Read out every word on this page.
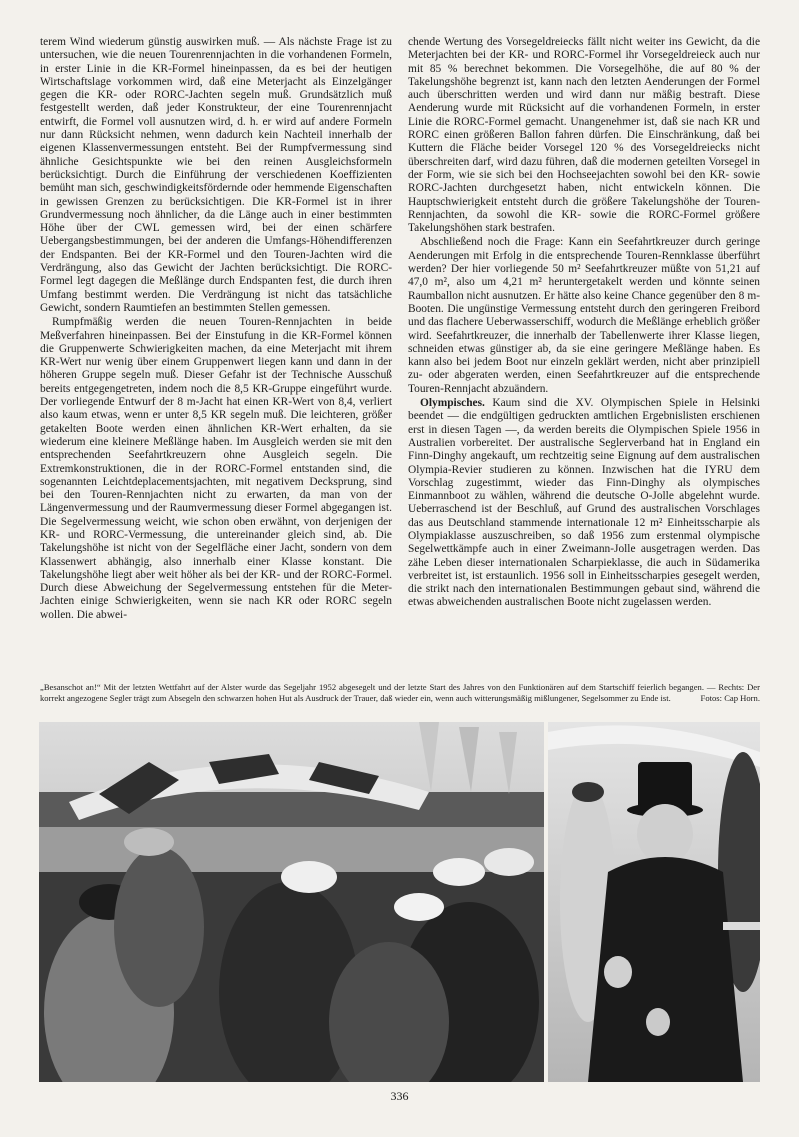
terem Wind wiederum günstig auswirken muß. — Als nächste Frage ist zu untersuchen, wie die neuen Tourenrennjachten in die vorhandenen Formeln, in erster Linie in die KR-Formel hineinpassen, da es bei der heutigen Wirtschaftslage vorkommen wird, daß eine Meterjacht als Einzelgänger gegen die KR- oder RORC-Jachten segeln muß. Grundsätzlich muß festgestellt werden, daß jeder Konstrukteur, der eine Tourenrennjacht entwirft, die Formel voll ausnutzen wird, d. h. er wird auf andere Formeln nur dann Rücksicht nehmen, wenn dadurch kein Nachteil innerhalb der eigenen Klassenvermessungen entsteht. Bei der Rumpfvermessung sind ähnliche Gesichtspunkte wie bei den reinen Ausgleichsformeln berücksichtigt. Durch die Einführung der verschiedenen Koeffizienten bemüht man sich, geschwindigkeitsfördernde oder hemmende Eigenschaften in gewissen Grenzen zu berücksichtigen. Die KR-Formel ist in ihrer Grundvermessung noch ähnlicher, da die Länge auch in einer bestimmten Höhe über der CWL gemessen wird, bei der einen schärfere Uebergangsbestimmungen, bei der anderen die Umfangs-Höhendifferenzen der Endspanten. Bei der KR-Formel und den Touren-Jachten wird die Verdrängung, also das Gewicht der Jachten berücksichtigt. Die RORC-Formel legt dagegen die Meßlänge durch Endspanten fest, die durch ihren Umfang bestimmt werden. Die Verdrängung ist nicht das tatsächliche Gewicht, sondern Raumtiefen an bestimmten Stellen gemessen.

Rumpfmäßig werden die neuen Touren-Rennjachten in beide Meßverfahren hineinpassen. Bei der Einstufung in die KR-Formel können die Gruppenwerte Schwierigkeiten machen, da eine Meterjacht mit ihrem KR-Wert nur wenig über einem Gruppenwert liegen kann und dann in der höheren Gruppe segeln muß. Dieser Gefahr ist der Technische Ausschuß bereits entgegengetreten, indem noch die 8,5 KR-Gruppe eingeführt wurde. Der vorliegende Entwurf der 8 m-Jacht hat einen KR-Wert von 8,4, verliert also kaum etwas, wenn er unter 8,5 KR segeln muß. Die leichteren, größer getakelten Boote werden einen ähnlichen KR-Wert erhalten, da sie wiederum eine kleinere Meßlänge haben. Im Ausgleich werden sie mit den entsprechenden Seefahrtkreuzern ohne Ausgleich segeln. Die Extremkonstruktionen, die in der RORC-Formel entstanden sind, die sogenannten Leichtdeplacementsjachten, mit negativem Decksprung, sind bei den Touren-Rennjachten nicht zu erwarten, da man von der Längenvermessung und der Raumvermessung dieser Formel abgegangen ist. Die Segelvermessung weicht, wie schon oben erwähnt, von derjenigen der KR- und RORC-Vermessung, die untereinander gleich sind, ab. Die Takelungshöhe ist nicht von der Segelfläche einer Jacht, sondern von dem Klassenwert abhängig, also innerhalb einer Klasse konstant. Die Takelungshöhe liegt aber weit höher als bei der KR- und der RORC-Formel. Durch diese Abweichung der Segelvermessung entstehen für die Meter-Jachten einige Schwierigkeiten, wenn sie nach KR oder RORC segeln wollen. Die abwei-

chende Wertung des Vorsegeldreiecks fällt nicht weiter ins Gewicht, da die Meterjachten bei der KR- und RORC-Formel ihr Vorsegeldreieck auch nur mit 85 % berechnet bekommen. Die Vorsegelhöhe, die auf 80 % der Takelungshöhe begrenzt ist, kann nach den letzten Aenderungen der Formel auch überschritten werden und wird dann nur mäßig bestraft. Diese Aenderung wurde mit Rücksicht auf die vorhandenen Formeln, in erster Linie die RORC-Formel gemacht. Unangenehmer ist, daß sie nach KR und RORC einen größeren Ballon fahren dürfen. Die Einschränkung, daß bei Kuttern die Fläche beider Vorsegel 120 % des Vorsegeldreiecks nicht überschreiten darf, wird dazu führen, daß die modernen geteilten Vorsegel in der Form, wie sie sich bei den Hochseejachten sowohl bei den KR- sowie RORC-Jachten durchgesetzt haben, nicht entwickeln können. Die Hauptschwierigkeit entsteht durch die größere Takelungshöhe der Touren-Rennjachten, da sowohl die KR- sowie die RORC-Formel größere Takelungshöhen stark bestrafen.

Abschließend noch die Frage: Kann ein Seefahrtkreuzer durch geringe Aenderungen mit Erfolg in die entsprechende Touren-Rennklasse überführt werden? Der hier vorliegende 50 m² Seefahrtkreuzer müßte von 51,21 auf 47,0 m², also um 4,21 m² heruntergetakelt werden und könnte seinen Raumballon nicht ausnutzen. Er hätte also keine Chance gegenüber den 8 m-Booten. Die ungünstige Vermessung entsteht durch den geringeren Freibord und das flachere Ueberwasserschiff, wodurch die Meßlänge erheblich größer wird. Seefahrtkreuzer, die innerhalb der Tabellenwerte ihrer Klasse liegen, schneiden etwas günstiger ab, da sie eine geringere Meßlänge haben. Es kann also bei jedem Boot nur einzeln geklärt werden, nicht aber prinzipiell zu- oder abgeraten werden, einen Seefahrtkreuzer auf die entsprechende Touren-Rennjacht abzuändern.

Olympisches. Kaum sind die XV. Olympischen Spiele in Helsinki beendet — die endgültigen gedruckten amtlichen Ergebnislisten erschienen erst in diesen Tagen —, da werden bereits die Olympischen Spiele 1956 in Australien vorbereitet. Der australische Seglerverband hat in England ein Finn-Dinghy angekauft, um rechtzeitig seine Eignung auf dem australischen Olympia-Revier studieren zu können. Inzwischen hat die IYRU dem Vorschlag zugestimmt, wieder das Finn-Dinghy als olympisches Einmannboot zu wählen, während die deutsche O-Jolle abgelehnt wurde. Ueberraschend ist der Beschluß, auf Grund des australischen Vorschlages das aus Deutschland stammende internationale 12 m² Einheitsscharpie als Olympiaklasse auszuschreiben, so daß 1956 zum erstenmal olympische Segelwettkämpfe auch in einer Zweimann-Jolle ausgetragen werden. Das zähe Leben dieser internationalen Scharpieklasse, die auch in Südamerika verbreitet ist, ist erstaunlich. 1956 soll in Einheitsscharpies gesegelt werden, die strikt nach den internationalen Bestimmungen gebaut sind, während die etwas abweichenden australischen Boote nicht zugelassen werden.

„Besanschot an!“ Mit der letzten Wettfahrt auf der Alster wurde das Segeljahr 1952 abgesegelt und der letzte Start des Jahres von den Funktionären auf dem Startschiff feierlich begangen. — Rechts: Der korrekt angezogene Segler trägt zum Absegeln den schwarzen hohen Hut als Ausdruck der Trauer, daß wieder ein, wenn auch witterungsmäßig mißlungener, Segelsommer zu Ende ist.	Fotos: Cap Horn.
336
